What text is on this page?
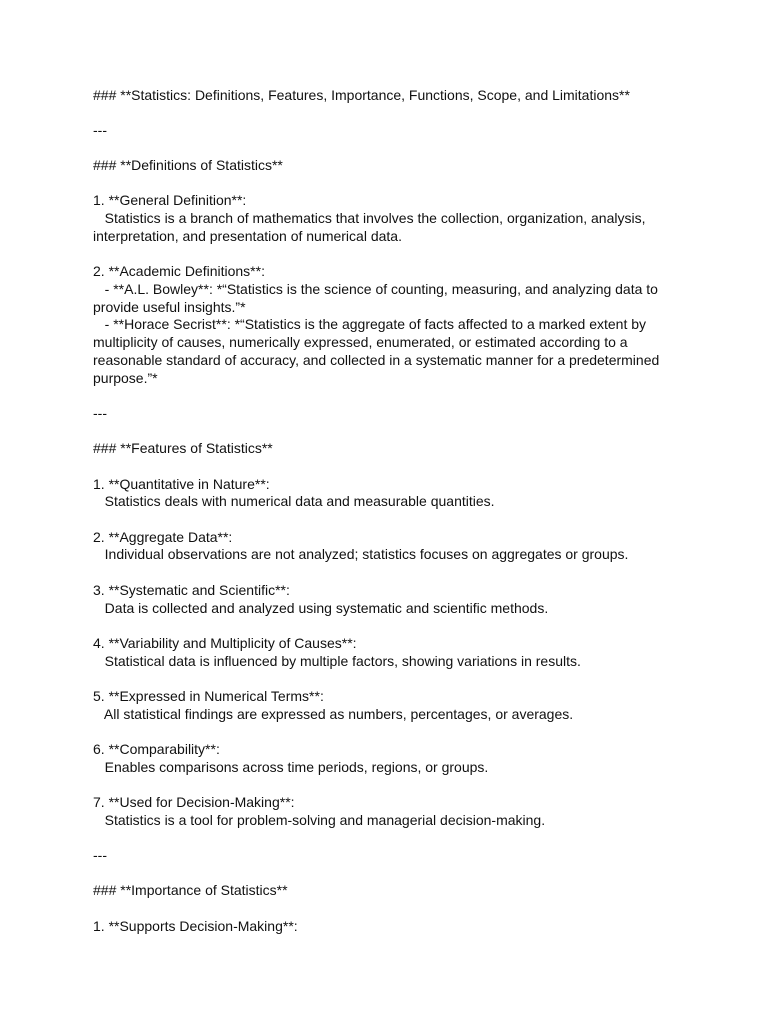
### **Statistics: Definitions, Features, Importance, Functions, Scope, and Limitations**
---
### **Definitions of Statistics**
1. **General Definition**:
Statistics is a branch of mathematics that involves the collection, organization, analysis,
interpretation, and presentation of numerical data.
2. **Academic Definitions**:
- **A.L. Bowley**: *“Statistics is the science of counting, measuring, and analyzing data to
provide useful insights.”*
- **Horace Secrist**: *“Statistics is the aggregate of facts affected to a marked extent by
multiplicity of causes, numerically expressed, enumerated, or estimated according to a
reasonable standard of accuracy, and collected in a systematic manner for a predetermined
purpose.”*
---
### **Features of Statistics**
1. **Quantitative in Nature**:
Statistics deals with numerical data and measurable quantities.
2. **Aggregate Data**:
Individual observations are not analyzed; statistics focuses on aggregates or groups.
3. **Systematic and Scientific**:
Data is collected and analyzed using systematic and scientific methods.
4. **Variability and Multiplicity of Causes**:
Statistical data is influenced by multiple factors, showing variations in results.
5. **Expressed in Numerical Terms**:
All statistical findings are expressed as numbers, percentages, or averages.
6. **Comparability**:
Enables comparisons across time periods, regions, or groups.
7. **Used for Decision-Making**:
Statistics is a tool for problem-solving and managerial decision-making.
---
### **Importance of Statistics**
1. **Supports Decision-Making**:
